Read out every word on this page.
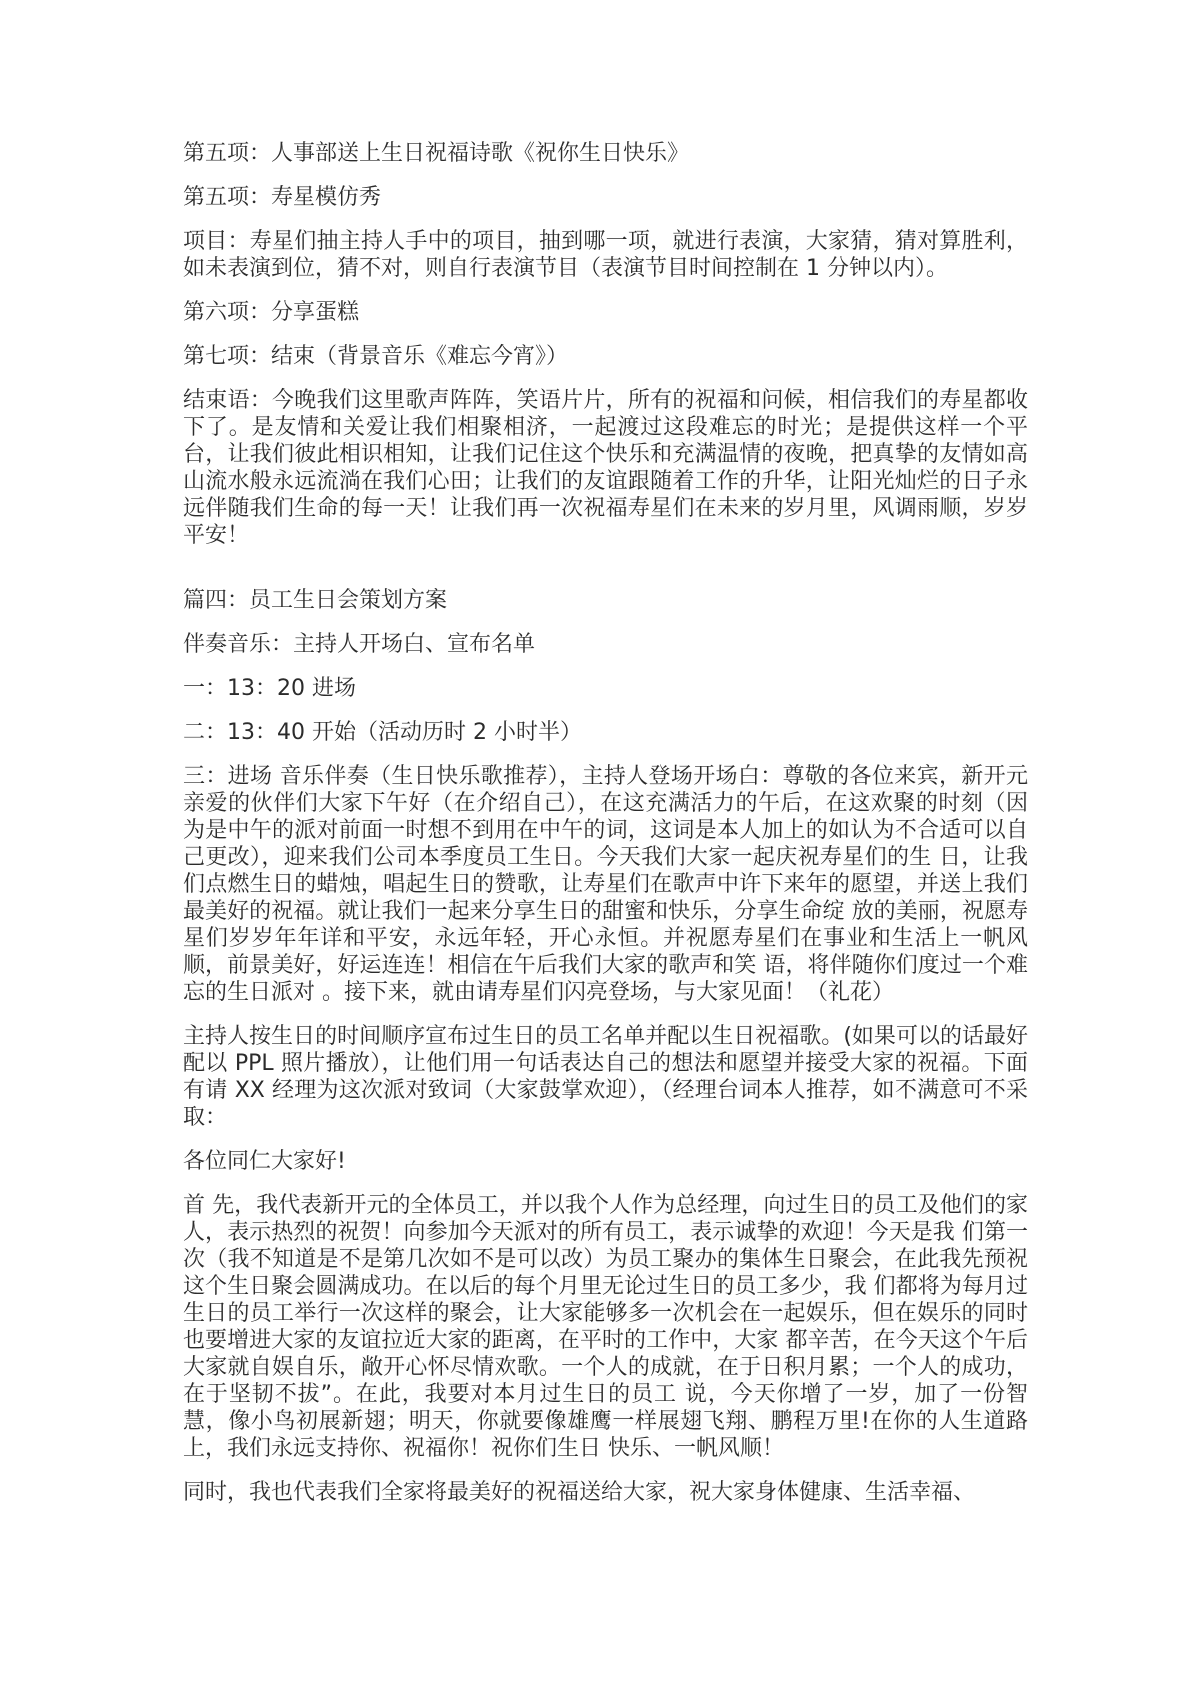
第五项：人事部送上生日祝福诗歌《祝你生日快乐》

第五项：寿星模仿秀

项目：寿星们抽主持人手中的项目，抽到哪一项，就进行表演，大家猜，猜对算胜利，如未表演到位，猜不对，则自行表演节目（表演节目时间控制在 1 分钟以内）。

第六项：分享蛋糕

第七项：结束（背景音乐《难忘今宵》）

结束语：今晚我们这里歌声阵阵，笑语片片，所有的祝福和问候，相信我们的寿星都收下了。是友情和关爱让我们相聚相济，一起渡过这段难忘的时光；是提供这样一个平台，让我们彼此相识相知，让我们记住这个快乐和充满温情的夜晚，把真挚的友情如高山流水般永远流淌在我们心田；让我们的友谊跟随着工作的升华，让阳光灿烂的日子永远伴随我们生命的每一天！让我们再一次祝福寿星们在未来的岁月里，风调雨顺，岁岁平安！

篇四：员工生日会策划方案

伴奏音乐：主持人开场白、宣布名单

一：13：20 进场

二：13：40 开始（活动历时 2 小时半）

三：进场 音乐伴奏（生日快乐歌推荐），主持人登场开场白：尊敬的各位来宾，新开元亲爱的伙伴们大家下午好（在介绍自己），在这充满活力的午后，在这欢聚的时刻（因 为是中午的派对前面一时想不到用在中午的词，这词是本人加上的如认为不合适可以自己更改），迎来我们公司本季度员工生日。今天我们大家一起庆祝寿星们的生 日，让我们点燃生日的蜡烛，唱起生日的赞歌，让寿星们在歌声中许下来年的愿望，并送上我们最美好的祝福。就让我们一起来分享生日的甜蜜和快乐，分享生命绽 放的美丽，祝愿寿星们岁岁年年详和平安，永远年轻，开心永恒。并祝愿寿星们在事业和生活上一帆风顺，前景美好，好运连连！相信在午后我们大家的歌声和笑 语，将伴随你们度过一个难忘的生日派对 。接下来，就由请寿星们闪亮登场，与大家见面！（礼花）

主持人按生日的时间顺序宣布过生日的员工名单并配以生日祝福歌。(如果可以的话最好配以 PPL 照片播放），让他们用一句话表达自己的想法和愿望并接受大家的祝福。下面有请 XX 经理为这次派对致词（大家鼓掌欢迎），（经理台词本人推荐，如不满意可不采取：

各位同仁大家好!

首 先，我代表新开元的全体员工，并以我个人作为总经理，向过生日的员工及他们的家人，表示热烈的祝贺！向参加今天派对的所有员工，表示诚挚的欢迎！今天是我 们第一次（我不知道是不是第几次如不是可以改）为员工聚办的集体生日聚会，在此我先预祝这个生日聚会圆满成功。在以后的每个月里无论过生日的员工多少，我 们都将为每月过生日的员工举行一次这样的聚会，让大家能够多一次机会在一起娱乐，但在娱乐的同时也要增进大家的友谊拉近大家的距离，在平时的工作中，大家 都辛苦，在今天这个午后大家就自娱自乐，敞开心怀尽情欢歌。一个人的成就，在于日积月累；一个人的成功，在于坚韧不拔”。在此，我要对本月过生日的员工 说，今天你增了一岁，加了一份智慧，像小鸟初展新翅；明天，你就要像雄鹰一样展翅飞翔、鹏程万里!在你的人生道路上，我们永远支持你、祝福你！祝你们生日 快乐、一帆风顺！

同时，我也代表我们全家将最美好的祝福送给大家，祝大家身体健康、生活幸福、
